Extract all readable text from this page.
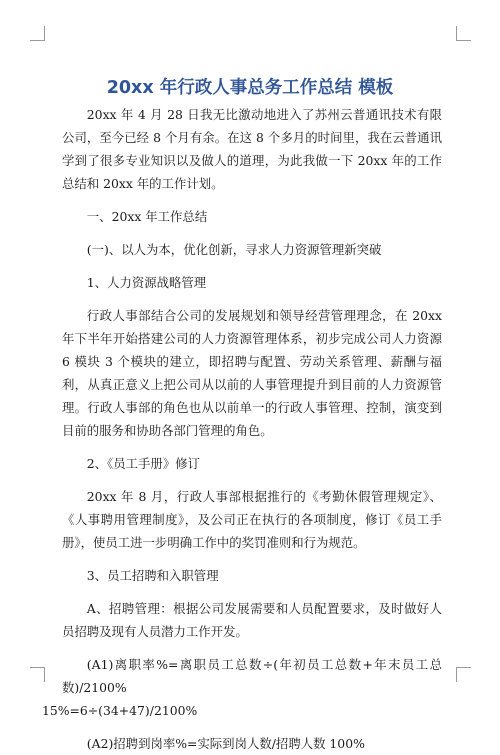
20xx 年行政人事总务工作总结 模板

20xx 年 4 月 28 日我无比激动地进入了苏州云普通讯技术有限公司，至今已经 8 个月有余。在这 8 个多月的时间里，我在云普通讯学到了很多专业知识以及做人的道理，为此我做一下 20xx 年的工作总结和 20xx 年的工作计划。

一、20xx 年工作总结

(一)、以人为本，优化创新，寻求人力资源管理新突破

1、人力资源战略管理

行政人事部结合公司的发展规划和领导经营管理理念，在 20xx 年下半年开始搭建公司的人力资源管理体系，初步完成公司人力资源 6 模块 3 个模块的建立，即招聘与配置、劳动关系管理、薪酬与福利，从真正意义上把公司从以前的人事管理提升到目前的人力资源管理。行政人事部的角色也从以前单一的行政人事管理、控制，演变到目前的服务和协助各部门管理的角色。

2、《员工手册》修订

20xx 年 8 月，行政人事部根据推行的《考勤休假管理规定》、《人事聘用管理制度》，及公司正在执行的各项制度，修订《员工手册》，使员工进一步明确工作中的奖罚准则和行为规范。

3、员工招聘和入职管理

A、招聘管理：根据公司发展需要和人员配置要求，及时做好人员招聘及现有人员潜力工作开发。

(A1)离职率%=离职员工总数÷(年初员工总数+年末员工总数)/2100%

15%=6÷(34+47)/2100%

(A2)招聘到岗率%=实际到岗人数/招聘人数 100%
